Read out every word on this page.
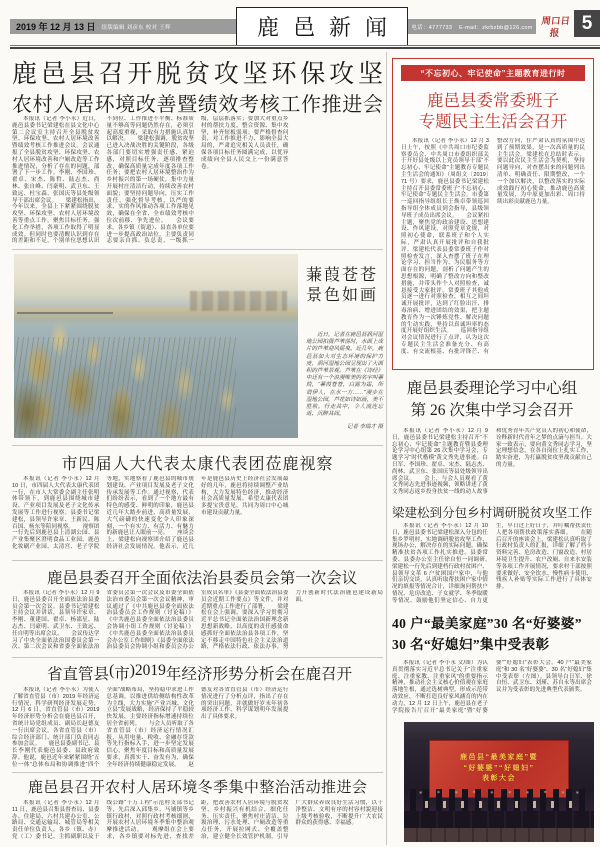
2019 年 12 月 13 日	组版编辑 刘彦东 校对 王辉	鹿邑新闻 电话：4777733 E-mail：zkrbzbb@126.com
周口日报
5
鹿 邑 县 召 开 脱 贫 攻 坚 环 保 攻 坚
农 村 人 居 环 境 改 善 暨 绩 效 考 核 工 作 推 进 会
本报讯（记者 李小永）近日，鹿邑县委书记梁建松在县文化中心第二会议室主持召开全县脱贫攻坚、环保攻坚、农村人居环境改善暨绩效考核工作推进会议。会议通报了全县脱贫攻坚、环保攻坚、农村人居环境改善和户厕改造等工作推进情况，分析了存在的问题，部署了下一步工作。李刚、李国珍、翟卓、宋杰、陈哲、陆志杰、尚林、张自峰、闫豪明、武卫东、王致远、杜宝森、张国庆等县处级领导干部出席会议。　　梁建松指出，今年以来，全县上下紧紧围绕脱贫攻坚、环保攻坚、农村人居环境改善等重点工作，聚焦目标任务，强化工作举措，各项工作取得了明显成效。但同时也要清醒认识到存在的差距和不足，个别单位思想认识不到位、工作推进不平衡、标准质量不够高等问题仍然存在，必须引起高度重视，采取有力措施认真加以解决。　　梁建松强调，脱贫攻坚已进入决战决胜的关键阶段，各级各部门要切实增强责任感、紧迫感，对照目标任务，逐项排查整改，确保高质量完成年度各项工作任务；要把农村人居环境整治作为乡村振兴的第一场硬仗，集中力量开展村庄清洁行动，持续改善农村面貌；要坚持问题导向，压实工作责任，强化督导考核，以严的要求、实的作风推动各项工作落地见效，确保在全省、全市绩效考核中位次前移、争先进位。　　会议要求，各乡镇（街道）、县直各单位要进一步提高政治站位，主要负责同志要亲自抓、负总责，一级抓一级，层层抓落实；要加大对重点乡村的帮扶力度，整合资源、集中攻坚，补齐短板弱项；要严格督查问责，对工作推进不力、影响全县大局的，严肃追究相关人员责任，确保各项目标任务圆满完成，以优异成绩向全县人民交上一份满意答卷。
蒹葭苍苍
景色如画
近日，记者在鹿邑县涡河湿地公园拍摄芦苇荡时，水面上成片的芦苇迎风摇曳。近几年，鹿邑县加大对生态环境的保护力度，涡河湿地公园呈现出了大面积的芦苇景观。芦苇在《诗经》中还有一个浪漫唯美的名字叫蒹葭，“蒹葭苍苍，白露为霜，所谓伊人，在水一方……”漫步在湿地公园，芦花如诗如画，美不胜收。行走其中，令人流连忘返、沉醉其间。
记者 李瑞才 摄
市四届人大代表太康代表团莅鹿视察
本报讯（记者 李小永）12 月 10 日，市四届人大代表太康代表团一行，在市人大常委会副主任张明体带领下，到鹿邑县围绕城市建设、产业项目发展及老子文化传承发展等工作进行视察。县委书记梁建松，县领导许家章、王新民、陈百国、杨东等陪同视察。　　视察团一行先后到鹿邑县上清湖公园、县产业集聚区澄明食品工业园、鹿邑化妆刷产业园、太清宫、老子学院等地，实地察看了鹿邑县的城市规划建设、产业项目发展及老子文化传承发展等工作。通过视察，代表们纷纷表示，看到了一个地方最有特色的感受、鲜明的印象，鹿邑县近几年大踏步前进、高质量发展、大气磅礴的快速变化令人印象深刻，一个有实力、有活力、有魅力的新鹿邑让人眼前一亮。　　座谈会上，梁建松向视察团介绍了鹿邑县经济社会发展情况。他表示，近几年是鹿邑县历史上经济社会发展最好的几年，鹿邑将持续调整产业结构，大力发展特色经济，推动经济社会高质量发展。希望太康代表团多提宝贵意见，共同为周口中心城市建设贡献力量。
鹿 邑 县 委 召 开 全 面 依 法 治 县 委 员 会 第 一 次 会 议
本报讯（记者 李小永）12 月 9 日，鹿邑县委召开全面依法治县委员会第一次会议。县委书记梁建松主持会议并讲话，县领导许家章、李刚、董建国、翟卓、杨邵星、陆志杰、闫豪明、武卫东、王致远、任自明等出席会议。　　会议传达学习了中央全面依法治国委员会第一次、第二次会议和省委全面依法治省委员会第一次会议及市委全面依法治市委员会第一次会议精神，审议通过了《中共鹿邑县委全面依法治县委员会工作规则（讨论稿）》《中共鹿邑县委全面依法治县委员会协调小组工作规则（讨论稿）》《中共鹿邑县委全面依法治县委员会办公室工作细则》《县委全面依法治县委员会协调小组和委员会办公室成员名单》《县委全面依法治县委员会近期工作要点》等文件，并对近期重点工作进行了部署。　　梁建松在会上强调，要深入学习贯彻习近平总书记全面依法治国新理念新思想新战略，以高度的责任感使命感抓好全面依法治县各项工作，坚定不移走中国特色社会主义法治道路，严格依法行政、依法办事，努力开创新时代法治鹿邑建设新局面。
省 直 管 县 ( 市 ) 2019 年 经 济 形 势 分 析 会 在 鹿 召 开
本报讯（记者 李小永）为使人了解省直管县（市）2019 年经济运行情况，科学研判经济发展走势，12 月 6 日，省直管县（市）2019 年经济形势分析会在鹿邑县召开，省统计局党组成员、副局长赵德友一行出席会议，各省直管县（市）综合经济部门、统计部门负责同志参加会议。　　鹿邑县委副书记、县长李刚代表鹿邑县委、县政府致辞。他说，鹿邑近年来紧紧围绕“五位一体”总体布局和协调推进“四个全面”战略布局，坚持稳中求进工作总基调，以推进供给侧结构性改革为主线，大力实施“产业兴城、文化立县”发展战略，经济保持了平稳较快发展，主要经济指标增速持续位居全省前列。　　与会人员听取了各省直管县（市）经济运行情况汇报，从用电量、税收、金融存贷款等先行指标入手，进一步坚定发展信心，聚焦年度目标和高质量发展要求，真抓实干、奋发有为，确保全年经济持续健康稳定发展。　　赵德友对各省直管县（市）经济运行情况进行了分析点评，指出了存在的突出问题，并就做好岁末年初各项经济工作、科学谋划明年发展提出了具体要求。
鹿 邑 县 召 开 农 村 人 居 环 境 冬 季 集 中 整 治 活 动 推 进 会
本报讯（记者 李小永）12 月 11 日，鹿邑县召集县督查局、县委办、住建局、六村共建办公室、公路局、交通运输局、城管局等相关责任单位负责人，各乡（镇、办）党（工）委书记、主抓副职以及干线公路“千万工程”示范村支部书记等，先后深入邱集乡、马铺镇等乡镇行政村，对照行政村考核细则，开展农村人居环境冬季集中整治观摩推进活动。　　观摩组在会上要求，各乡镇要对标先进、查找差距，把改善农村人居环境与脱贫攻坚、乡村振兴有机结合，细化任务、压实责任，聚焦村庄清洁、垃圾治理、污水处理、户厕改造等重点任务，开展拉网式、全覆盖整治，建立健全长效管护机制，引导广大群众养成良好生活习惯，以干净整洁、文明有序的村容村貌迎接上级考核验收，不断提升广大农民群众的获得感、幸福感。
“不忘初心、牢记使命”主题教育进行时
鹿邑县委常委班子
专题民主生活会召开
本报讯（记者 李小永）12 月 3 日上午，按照《中共周口市纪委监察委员会、中共周口市委组织部关于开好县处级以上党员领导干部“不忘初心、牢记使命”主题教育专题民主生活会的通知》（周组文〔2019〕71 号）要求，鹿邑县委书记梁建松主持召开县委常委班子“不忘初心、牢记使命”专题民主生活会。市委第一巡回指导组组长王焕卓带领巡回指导组全体成员到会指导，县级领导班子成员出席会议。　　会议紧扣主题，聚焦党的政治建设、思想建设、作风建设，对照党章党规，对照初心使命，联系班子和个人实际，严肃认真开展批评和自我批评。梁建松代表县委常委班子作对照检查发言，深入查摆了班子在理论学习、担当作为、为民服务等方面存在的问题，剖析了问题产生的思想根源，明确了整改方向和整改措施，并带头作个人对照检查，诚恳接受大家批评。常委班子其他成员逐一进行对照检查，相互之间坦诚开展批评，达到了红脸出汗、排毒治病、增进团结的效果，把主题教育作为一次锤炼党性、解决问题的生动实践，坚持以真诚坦率的态度开展好组织生活。　　巡回指导组对会议情况进行了点评，认为这次专题民主生活会准备充分、有高度、有交流根基、有批评锋芒、有整改方向，住严肃认真的氛围中达到了预期效果，是一次高质量的民主生活会。梁建松在总结时表示，要以此次民主生活会为契机，坚持问题导向，对查摆出来的问题列出清单、明确责任、限期整改，一个一个加以解决，以整改落实的实际成效践行初心使命，推动鹿邑高质量发展，为中原更加出彩、周口持续出彩贡献鹿邑力量。
鹿邑县委理论学习中心组
第 26 次集中学习会召开
本报讯（记者 李小永）12 月 9 日，鹿邑县委书记梁建松主持召开“不忘初心、牢记使命”主题教育暨县委理论学习中心组第 26 次集中学习会，专题学习“时代楷模”黄文秀先进事迹。白日军、李国珍、翟卓、宋杰、陆志杰、尚林、武卫东、张国庆等县处级领导出席会议。　　会上，与会人员观看了黄文秀同志先进事迹视频，领略讲述了黄文秀同志返乡投身扶贫一线的动人故事和优秀青年共产党员人的初心和使命，诠释新时代青年之梦的点滴与担当。大家一致表示，要向黄文秀同志学习，坚定理想信念，在各自岗位上扎实工作、踏实奋进，为打赢脱贫攻坚战贡献自己的力量。
梁 建 松 到 分 包 乡 村 调 研 脱 贫 攻 坚 工 作
本报讯（记者 李小永）12 月 10 日，鹿邑县委书记梁建松深入分包的任集乡罗明村、实地调研脱贫攻坚工作、现场办公，解决存在的实际问题，确保精准扶贫各项工作扎实推进。县委常委、县委办公室主任徐自恒一同调研。　　梁建松一行先后到建档行政村贫困户、县领导文革 6 户贫困国户家中，与他们亲切交谈，认真听取帮扶困户家中情况的填报等情况合计，详细询问帮扶户情况、危房改造、子女就学、冬季取暖等情况，鼓励他们坚定信心、自力更生，早日过上好日子，并叮嘱帮扶责任人把各项帮扶政策落实落细。　　在随后召开的座谈会上，梁建松认真听取了行政村负责人的汇报，详细了解了档卡资料完善、危房改造、门窗改造、村居环境卫生提升、农户改厕、自来水安装等各项工作开展情况，要求村干部按照要求做好、安全饮水、慢性病卡使用、残疾人补贴等实际工作进行了具体安排。
40 户“最美家庭”30 名“好婆婆”
30 名“好媳妇”集中受表彰
本报讯（记者 李小永 文/图）为认真贯彻落实习近平总书记关于“注重家庭、注重家教、注重家风”的重要指示精神，推动社会主义核心价值观在家庭落地生根，通过选树典型，形成示范带动效应，不断打造良好家风涵育的内在动力，12 月 12 日上午，鹿邑县在老子学院报告厅召开“最美家庭”暨“好婆婆”“好媳妇”表彰大会。40 户“最美家庭”和 30 名“好婆婆”、30 名“好媳妇”集中受表彰（左图）。县领导白日军、徐自恒、武卫东、刘瑾、苏自永等出席会议并为受表彰的先进典型代表颁奖。
鹿邑县“最美家庭”暨
“好婆婆”“好媳妇”
表彰大会
